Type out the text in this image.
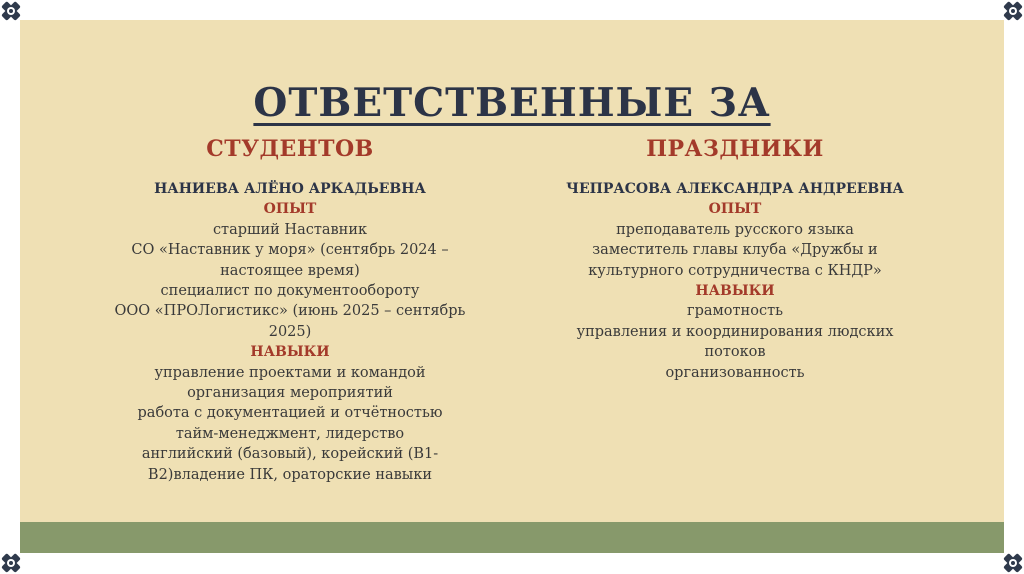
ОТВЕТСТВЕННЫЕ ЗА
СТУДЕНТОВ
НАНИЕВА АЛЁНО АРКАДЬЕВНА
ОПЫТ
старший Наставник
СО «Наставник у моря» (сентябрь 2024 –
настоящее время)
специалист по документообороту
ООО «ПРОЛогистикс» (июнь 2025 – сентябрь
2025)
НАВЫКИ
управление проектами и командой
организация мероприятий
работа с документацией и отчётностью
тайм-менеджмент, лидерство
английский (базовый), корейский (B1-
B2)владение ПК, ораторские навыки
ПРАЗДНИКИ
ЧЕПРАСОВА АЛЕКСАНДРА АНДРЕЕВНА
ОПЫТ
преподаватель русского языка
заместитель главы клуба «Дружбы и
культурного сотрудничества с КНДР»
НАВЫКИ
грамотность
управления и координирования людских
потоков
организованность
